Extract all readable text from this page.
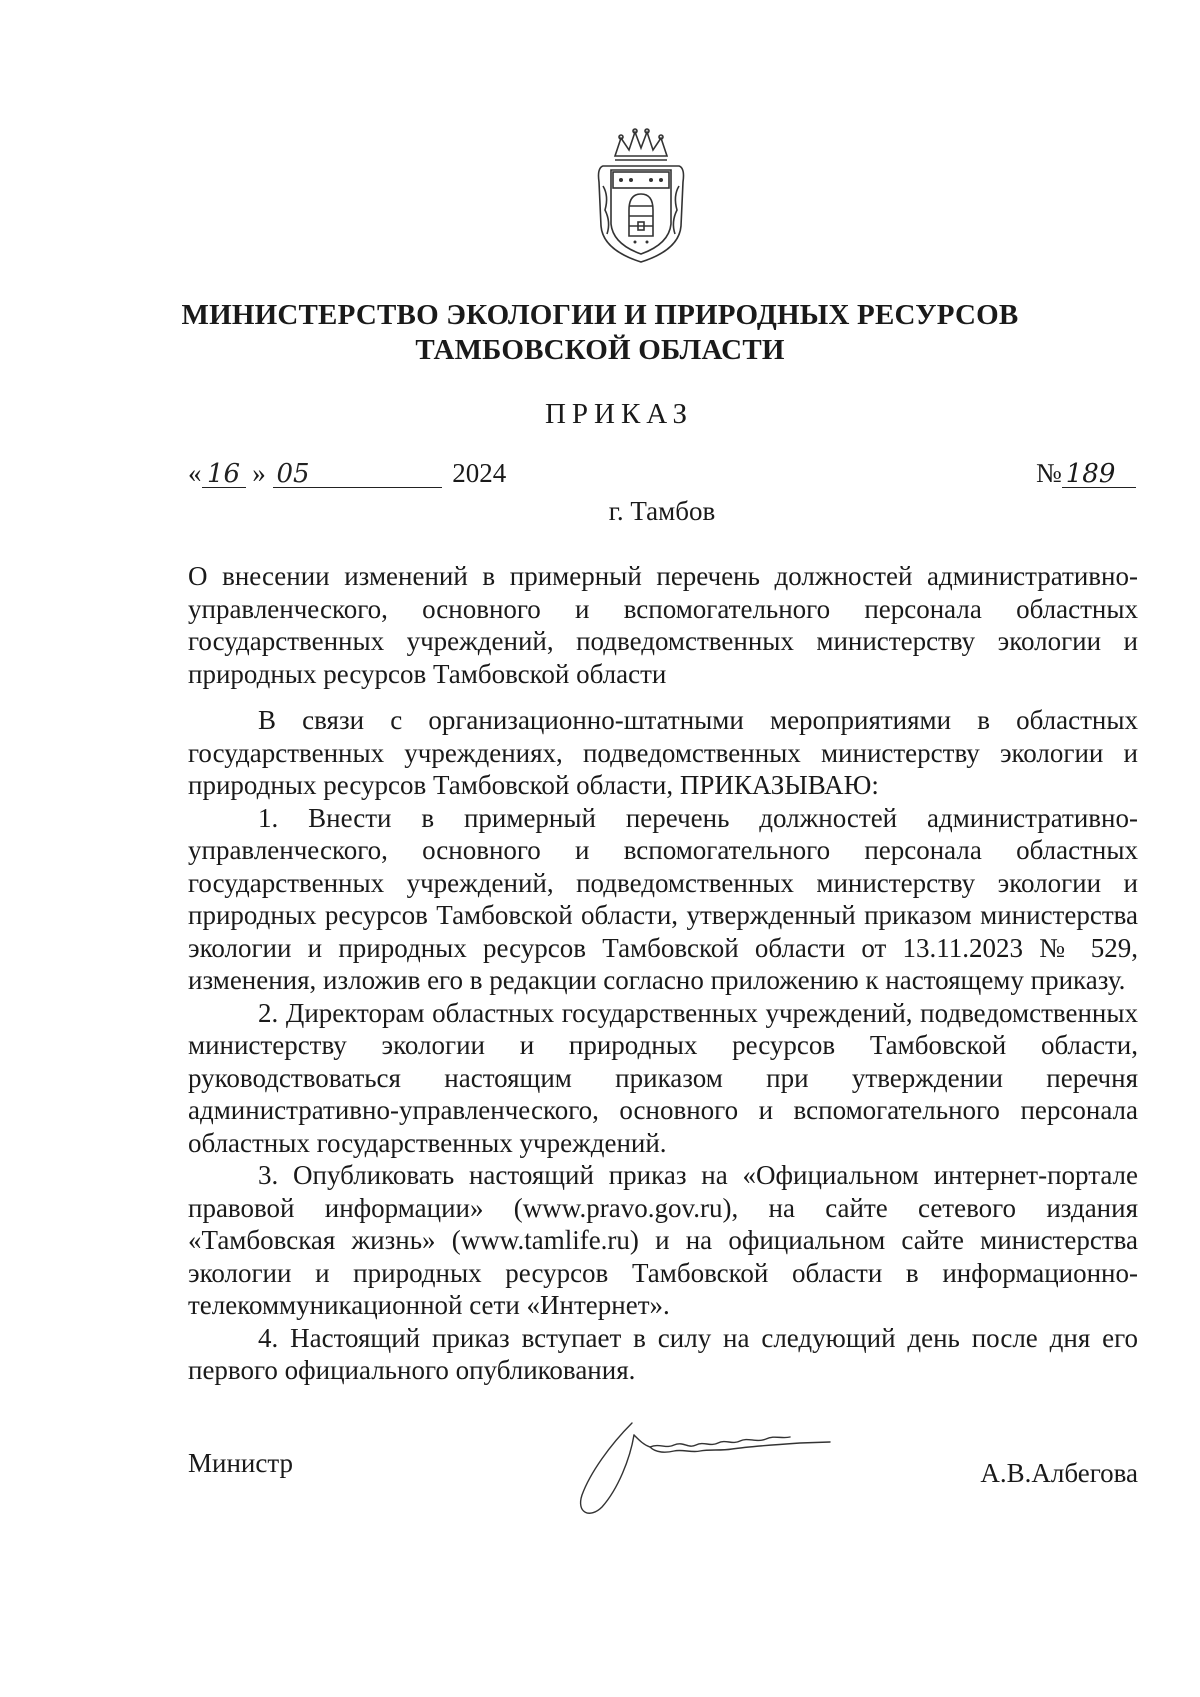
МИНИСТЕРСТВО ЭКОЛОГИИ И ПРИРОДНЫХ РЕСУРСОВ
ТАМБОВСКОЙ ОБЛАСТИ
ПРИКАЗ
« 16 » 05	2024	№ 189
г. Тамбов
О внесении изменений в примерный перечень должностей административно-управленческого, основного и вспомогательного персонала областных государственных учреждений, подведомственных министерству экологии и природных ресурсов Тамбовской области

В связи с организационно-штатными мероприятиями в областных государственных учреждениях, подведомственных министерству экологии и природных ресурсов Тамбовской области, ПРИКАЗЫВАЮ:

1. Внести в примерный перечень должностей административно-управленческого, основного и вспомогательного персонала областных государственных учреждений, подведомственных министерству экологии и природных ресурсов Тамбовской области, утвержденный приказом министерства экологии и природных ресурсов Тамбовской области от 13.11.2023 № 529, изменения, изложив его в редакции согласно приложению к настоящему приказу.

2. Директорам областных государственных учреждений, подведомственных министерству экологии и природных ресурсов Тамбовской области, руководствоваться настоящим приказом при утверждении перечня административно-управленческого, основного и вспомогательного персонала областных государственных учреждений.

3. Опубликовать настоящий приказ на «Официальном интернет-портале правовой информации» (www.pravo.gov.ru), на сайте сетевого издания «Тамбовская жизнь» (www.tamlife.ru) и на официальном сайте министерства экологии и природных ресурсов Тамбовской области в информационно-телекоммуникационной сети «Интернет».

4. Настоящий приказ вступает в силу на следующий день после дня его первого официального опубликования.

Министр	А.В.Албегова
